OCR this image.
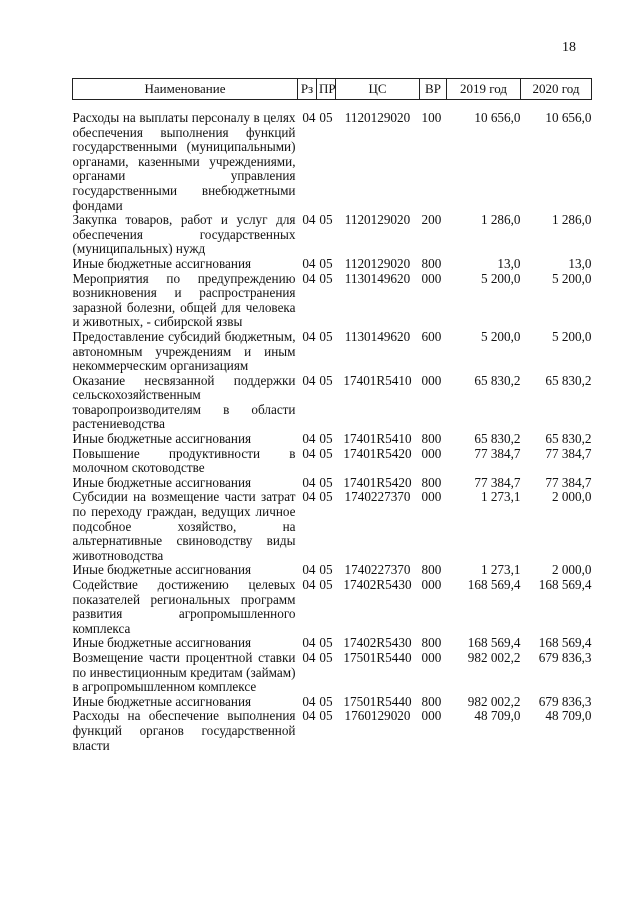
18
Наименование	Рз	ПР	ЦС	ВР	2019 год	2020 год
Расходы на выплаты персоналу в целях обеспечения выполнения функций государственными (муниципальными) органами, казенными учреждениями, органами управления государственными внебюджетными фондами	04	05	1120129020	100	10 656,0	10 656,0
Закупка товаров, работ и услуг для обеспечения государственных (муниципальных) нужд	04	05	1120129020	200	1 286,0	1 286,0
Иные бюджетные ассигнования	04	05	1120129020	800	13,0	13,0
Мероприятия по предупреждению возникновения и распространения заразной болезни, общей для человека и животных, - сибирской язвы	04	05	1130149620	000	5 200,0	5 200,0
Предоставление субсидий бюджетным, автономным учреждениям и иным некоммерческим организациям	04	05	1130149620	600	5 200,0	5 200,0
Оказание несвязанной поддержки сельскохозяйственным товаропроизводителям в области растениеводства	04	05	17401R5410	000	65 830,2	65 830,2
Иные бюджетные ассигнования	04	05	17401R5410	800	65 830,2	65 830,2
Повышение продуктивности в молочном скотоводстве	04	05	17401R5420	000	77 384,7	77 384,7
Иные бюджетные ассигнования	04	05	17401R5420	800	77 384,7	77 384,7
Субсидии на возмещение части затрат по переходу граждан, ведущих личное подсобное хозяйство, на альтернативные свиноводству виды животноводства	04	05	1740227370	000	1 273,1	2 000,0
Иные бюджетные ассигнования	04	05	1740227370	800	1 273,1	2 000,0
Содействие достижению целевых показателей региональных программ развития агропромышленного комплекса	04	05	17402R5430	000	168 569,4	168 569,4
Иные бюджетные ассигнования	04	05	17402R5430	800	168 569,4	168 569,4
Возмещение части процентной ставки по инвестиционным кредитам (займам) в агропромышленном комплексе	04	05	17501R5440	000	982 002,2	679 836,3
Иные бюджетные ассигнования	04	05	17501R5440	800	982 002,2	679 836,3
Расходы на обеспечение выполнения функций органов государственной власти	04	05	1760129020	000	48 709,0	48 709,0
